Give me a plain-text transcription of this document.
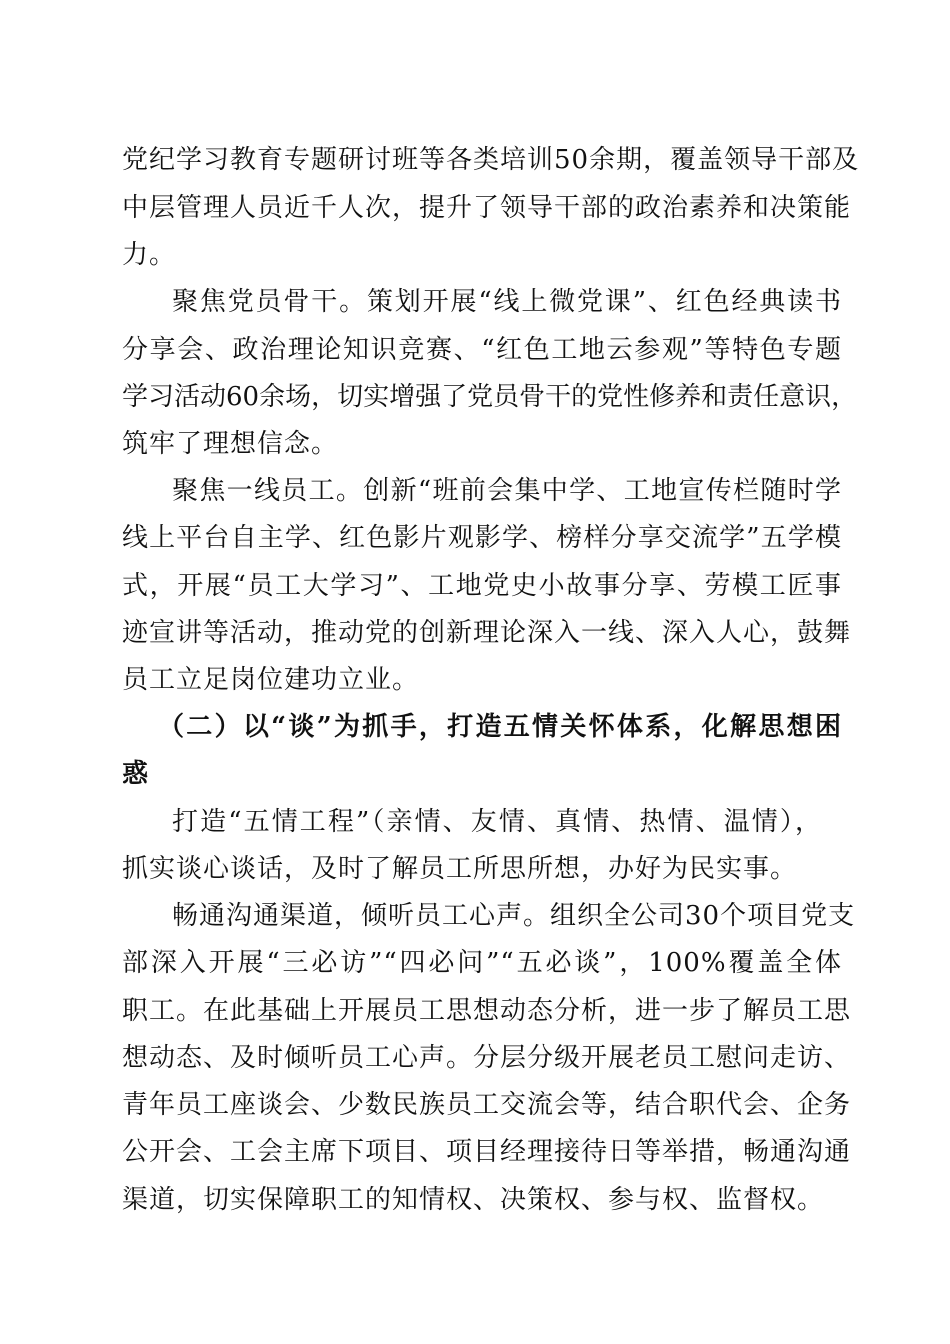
党纪学习教育专题研讨班等各类培训50余期，覆盖领导干部及
中层管理人员近千人次，提升了领导干部的政治素养和决策能
力。
聚焦党员骨干。策划开展“线上微党课”、红色经典读书
分享会、政治理论知识竞赛、“红色工地云参观”等特色专题
学习活动60余场，切实增强了党员骨干的党性修养和责任意识，
筑牢了理想信念。
聚焦一线员工。创新“班前会集中学、工地宣传栏随时学
线上平台自主学、红色影片观影学、榜样分享交流学”五学模
式，开展“员工大学习”、工地党史小故事分享、劳模工匠事
迹宣讲等活动，推动党的创新理论深入一线、深入人心，鼓舞
员工立足岗位建功立业。
（二）以“谈”为抓手，打造五情关怀体系，化解思想困
惑
打造“五情工程”（亲情、友情、真情、热情、温情），
抓实谈心谈话，及时了解员工所思所想，办好为民实事。
畅通沟通渠道，倾听员工心声。组织全公司30个项目党支
部深入开展“三必访”“四必问”“五必谈”，100%覆盖全体
职工。在此基础上开展员工思想动态分析，进一步了解员工思
想动态、及时倾听员工心声。分层分级开展老员工慰问走访、
青年员工座谈会、少数民族员工交流会等，结合职代会、企务
公开会、工会主席下项目、项目经理接待日等举措，畅通沟通
渠道，切实保障职工的知情权、决策权、参与权、监督权。
